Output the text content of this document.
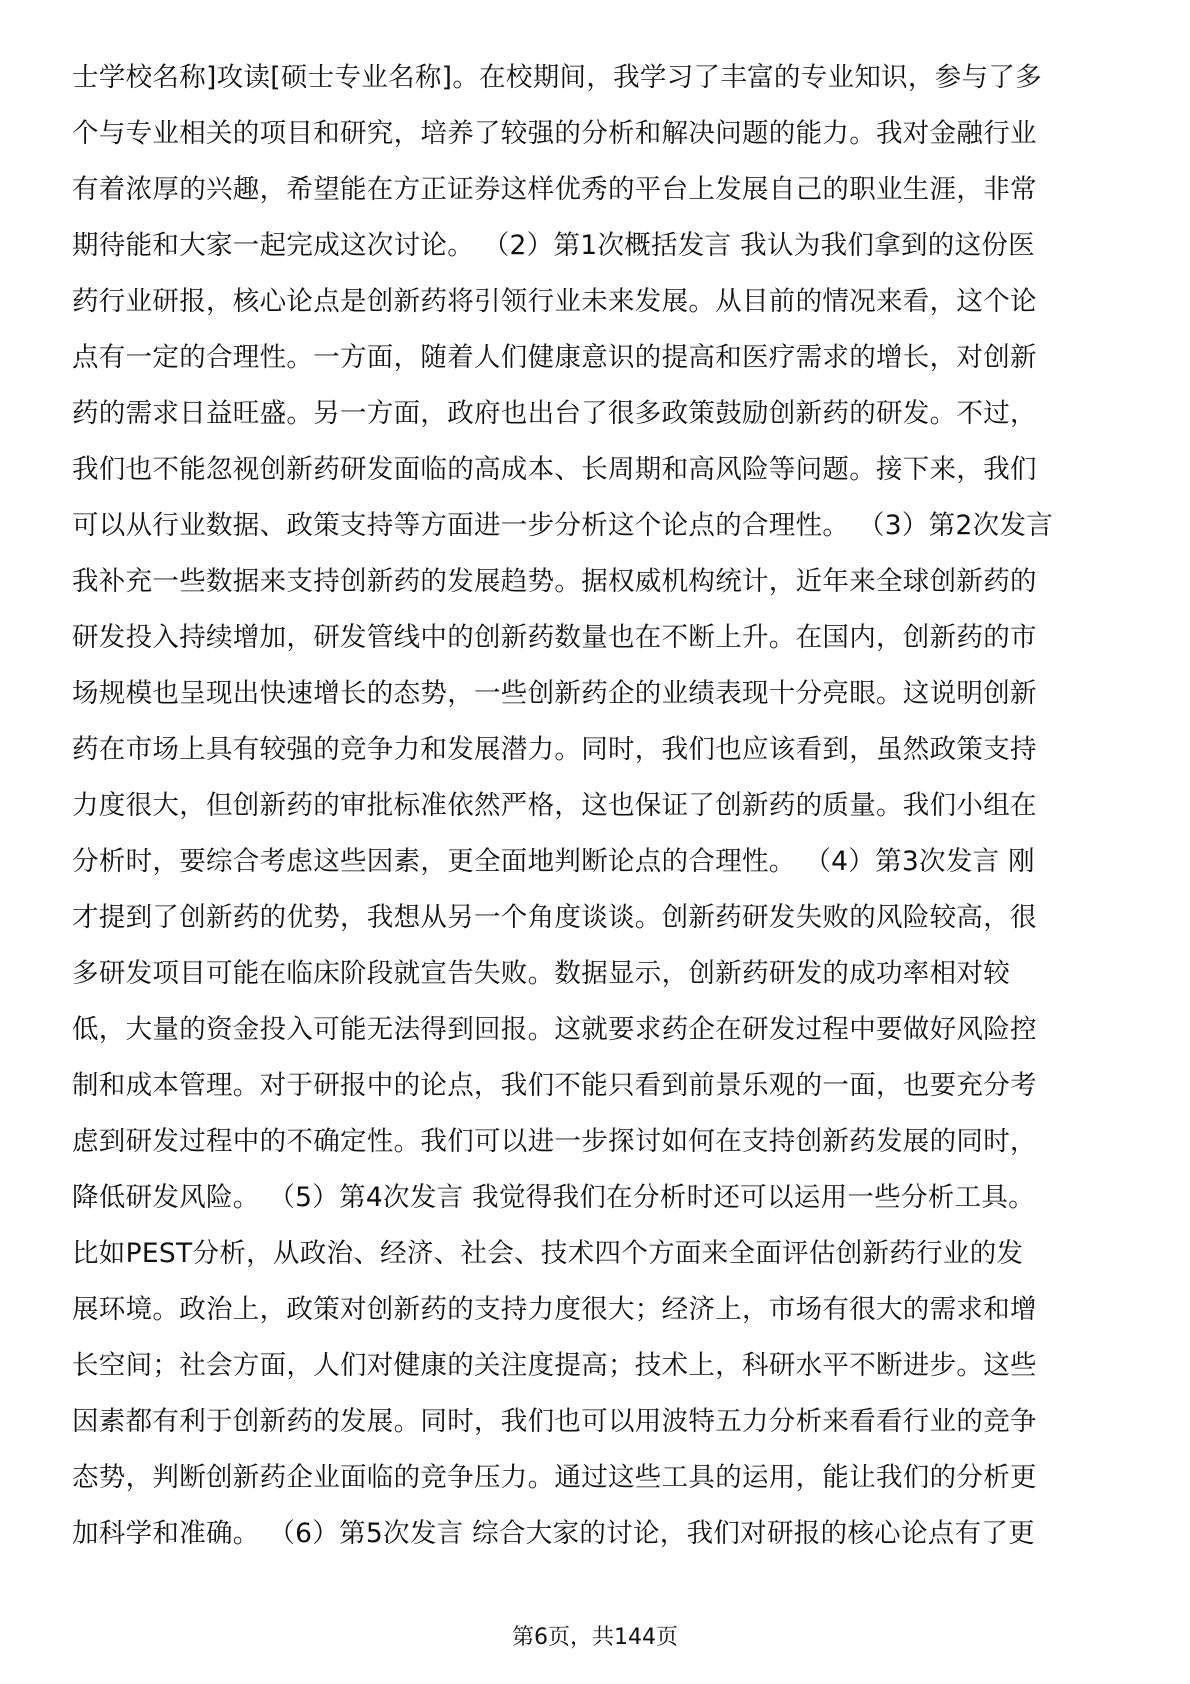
士学校名称]攻读[硕士专业名称]。在校期间，我学习了丰富的专业知识，参与了多
个与专业相关的项目和研究，培养了较强的分析和解决问题的能力。我对金融行业
有着浓厚的兴趣，希望能在方正证券这样优秀的平台上发展自己的职业生涯，非常
期待能和大家一起完成这次讨论。 （2）第1次概括发言 我认为我们拿到的这份医
药行业研报，核心论点是创新药将引领行业未来发展。从目前的情况来看，这个论
点有一定的合理性。一方面，随着人们健康意识的提高和医疗需求的增长，对创新
药的需求日益旺盛。另一方面，政府也出台了很多政策鼓励创新药的研发。不过，
我们也不能忽视创新药研发面临的高成本、长周期和高风险等问题。接下来，我们
可以从行业数据、政策支持等方面进一步分析这个论点的合理性。 （3）第2次发言
我补充一些数据来支持创新药的发展趋势。据权威机构统计，近年来全球创新药的
研发投入持续增加，研发管线中的创新药数量也在不断上升。在国内，创新药的市
场规模也呈现出快速增长的态势，一些创新药企的业绩表现十分亮眼。这说明创新
药在市场上具有较强的竞争力和发展潜力。同时，我们也应该看到，虽然政策支持
力度很大，但创新药的审批标准依然严格，这也保证了创新药的质量。我们小组在
分析时，要综合考虑这些因素，更全面地判断论点的合理性。 （4）第3次发言 刚
才提到了创新药的优势，我想从另一个角度谈谈。创新药研发失败的风险较高，很
多研发项目可能在临床阶段就宣告失败。数据显示，创新药研发的成功率相对较
低，大量的资金投入可能无法得到回报。这就要求药企在研发过程中要做好风险控
制和成本管理。对于研报中的论点，我们不能只看到前景乐观的一面，也要充分考
虑到研发过程中的不确定性。我们可以进一步探讨如何在支持创新药发展的同时，
降低研发风险。 （5）第4次发言 我觉得我们在分析时还可以运用一些分析工具。
比如PEST分析，从政治、经济、社会、技术四个方面来全面评估创新药行业的发
展环境。政治上，政策对创新药的支持力度很大；经济上，市场有很大的需求和增
长空间；社会方面，人们对健康的关注度提高；技术上，科研水平不断进步。这些
因素都有利于创新药的发展。同时，我们也可以用波特五力分析来看看行业的竞争
态势，判断创新药企业面临的竞争压力。通过这些工具的运用，能让我们的分析更
加科学和准确。 （6）第5次发言 综合大家的讨论，我们对研报的核心论点有了更
第6页，共144页
